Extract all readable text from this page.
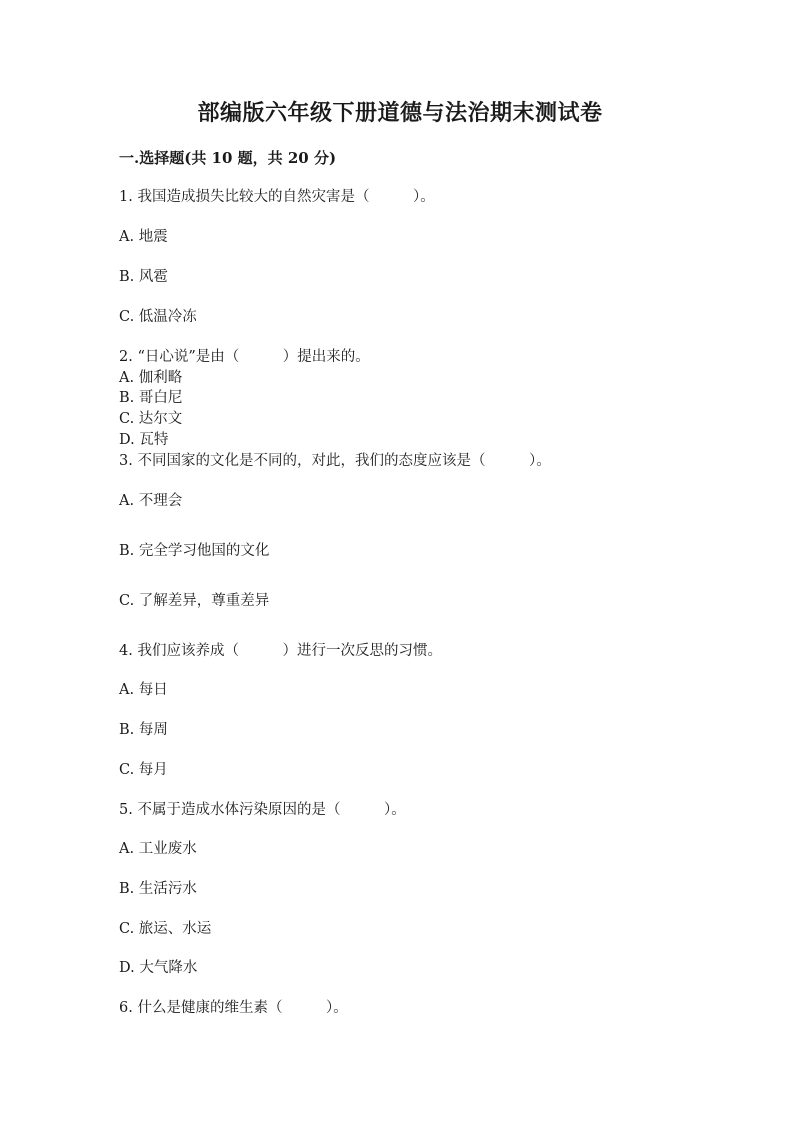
部编版六年级下册道德与法治期末测试卷
一.选择题(共 10 题，共 20 分)
1. 我国造成损失比较大的自然灾害是（　　　）。
A. 地震
B. 风雹
C. 低温冷冻
2. “日心说”是由（　　　）提出来的。
A. 伽利略
B. 哥白尼
C. 达尔文
D. 瓦特
3. 不同国家的文化是不同的，对此，我们的态度应该是（　　　）。
A. 不理会
B. 完全学习他国的文化
C. 了解差异，尊重差异
4. 我们应该养成（　　　）进行一次反思的习惯。
A. 每日
B. 每周
C. 每月
5. 不属于造成水体污染原因的是（　　　）。
A. 工业废水
B. 生活污水
C. 旅运、水运
D. 大气降水
6. 什么是健康的维生素（　　　）。
